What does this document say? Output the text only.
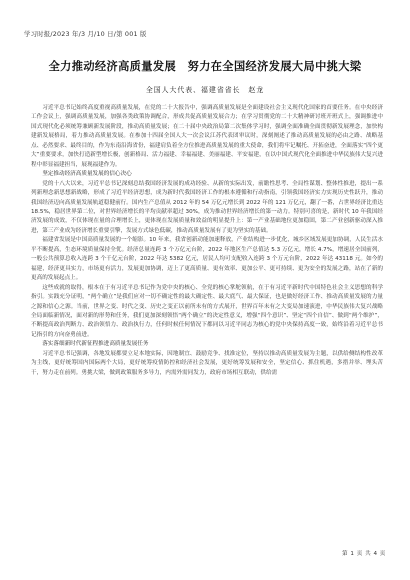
学习时报/2023 年/3 月/10 日/第 001 版
全力推动经济高质量发展　努力在全国经济发展大局中挑大梁
全国人大代表、福建省省长　赵龙

习近平总书记始终高度重视高质量发展，在党的二十大报告中，强调高质量发展是全面建设社会主义现代化国家的首要任务。在中央经济工作会议上，强调高质量发展，加强各类政策协调配合，形成共促高质量发展合力；在学习贯彻党的二十大精神研讨班开班式上，强调推进中国式现代化必须统筹兼顾新发展阶段，推动高质量发展；在二十届中央政治局第二次集体学习时，强调全面准确全面贯彻新发展理念，加快构建新发展格局，着力推动高质量发展。在参加十四届全国人大一次会议江苏代表团审议时，深刻阐述了推动高质量发展的必由之路、战略基点、必然要求、最终目的，作为东南沿海省份，福建肩负着全方位推进高质量发展的重大使命，我们将牢记嘱托、开拓奋进，全面落实“四个更大”重要要求，加快打造新型增长极，创新格局、活力福建、幸福福建、美丽福建、平安福建，在以中国式现代化全面推进中华民族伟大复兴进程中彰显福建担当，展现福建作为。

坚定推动经济高质量发展的信心决心

党的十八大以来，习近平总书记深刻总结我国经济发展的成功经验、从新的实际出发，前瞻性思考、全局性谋划、整体性推进，提出一系列新理念新思想新战略，形成了习近平经济思想，成为新时代我国经济工作的根本遵循和行动指南，引领我国经济实力实现历史性跃升，推动我国经济迈向高质量发展轨道稳健前行。国内生产总值从 2012 年的 54 万亿元增长到 2022 年的 121 万亿元，翻了一番，占世界经济比重达 18.5%，稳居世界第二位，对世界经济增长的平均贡献率超过 30%，成为推动世界经济增长的第一动力。特别可喜的是，新时代 10 年我国经济发展的成效，不仅体现在量的合理增长上，更体现在发展质量和效益的明显提升上：第一产业基础地位更加稳固，第二产业创新驱动深入推进，第三产业成为经济增长重要引擎，发展方式绿色低碳，推动高质量发展有了更为坚实的基础。

福建省发展是中国高质量发展的一个缩影。10 年来，我省创新动能加速释放，产业结构进一步优化，城乡区域发展更加协调，人民生活水平不断提高，生态环境质量保持全优。经济总量连跨 3 个万亿元台阶，2022 年地区生产总值达 5.3 万亿元，增长 4.7%，增速居全国前列，一般公共预算总收入连跨 3 个千亿元台阶，2022 年达 5382 亿元，居民人均可支配收入连跨 3 个万元台阶，2022 年达 43118 元。如今的福建，经济更具实力，市场更有活力，发展更加协调，迈上了更高质量、更有效率、更加公平、更可持续、更为安全的发展之路，站在了新的更高的发展起点上。

这些成就的取得，根本在于有习近平总书记作为党中央的核心、全党的核心掌舵领航，在于有习近平新时代中国特色社会主义思想的科学指引。实践充分证明，“两个确立”是我们应对一切不确定性的最大确定性、最大底气、最大保证，也是做好经济工作、推动高质量发展的力量之源和信心之源。当前，世界之变、时代之变、历史之变正以前所未有的方式展开，世界百年未有之大变局加速演进，中华民族伟大复兴战略全局面临新情况，面对新的形势和任务，我们更加深刻领悟“两个确立”的决定性意义，增强“四个意识”、坚定“四个自信”、做到“两个维护”，不断提高政治判断力、政治领悟力、政治执行力，任何时候任何情况下都同以习近平同志为核心的党中央保持高度一致，始终沿着习近平总书记指引的方向奋勇前进。

落实落细新时代新征程推进高质量发展任务

习近平总书记强调，各地发展都要立足本地实际，因地制宜、鼓励竞争、找准定位，坚持以推动高质量发展为主题，以供给侧结构性改革为主线，更好统筹国内国际两个大局，更好统筹疫情防控和经济社会发展，更好统筹发展和安全，坚定信心、抓住机遇，多措并举、埋头苦干，努力走在前列。勇挑大梁，做到政策服务多导力，内需外需同发力，政府市场相互联动，供给需

第 1 页 共 4 页
